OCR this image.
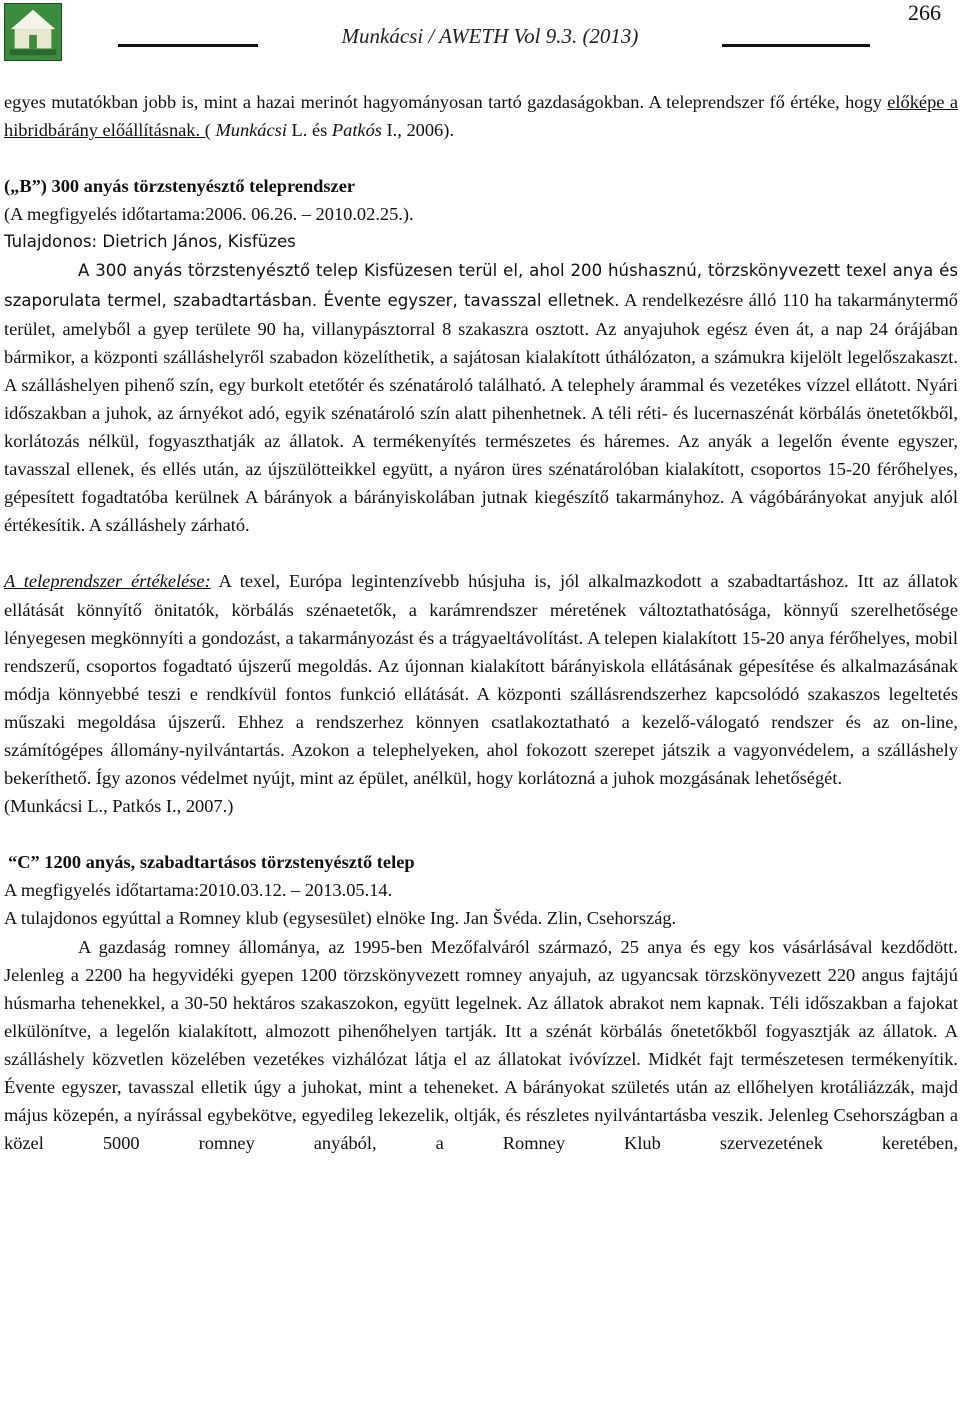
Munkácsi / AWETH Vol 9.3. (2013)
266

egyes mutatókban jobb is, mint a hazai merinót hagyományosan tartó gazdaságokban. A teleprendszer fő értéke, hogy előképe a hibridbárány előállításnak. ( Munkácsi L. és Patkós I., 2006).

(„B”) 300 anyás törzstenyésztő teleprendszer

(A megfigyelés időtartama:2006. 06.26. – 2010.02.25.).

Tulajdonos: Dietrich János, Kisfüzes

A 300 anyás törzstenyésztő telep Kisfüzesen terül el, ahol 200 húshasznú, törzskönyvezett texel anya és szaporulata termel, szabadtartásban. Évente egyszer, tavasszal elletnek. A rendelkezésre álló 110 ha takarmánytermő terület, amelyből a gyep területe 90 ha, villanypásztorral 8 szakaszra osztott. Az anyajuhok egész éven át, a nap 24 órájában bármikor, a központi szálláshelyről szabadon közelíthetik, a sajátosan kialakított úthálózaton, a számukra kijelölt legelőszakaszt. A szálláshelyen pihenő szín, egy burkolt etetőtér és szénatároló található. A telephely árammal és vezetékes vízzel ellátott. Nyári időszakban a juhok, az árnyékot adó, egyik szénatároló szín alatt pihenhetnek. A téli réti- és lucernaszénát körbálás önetetőkből, korlátozás nélkül, fogyaszthatják az állatok. A termékenyítés természetes és háremes. Az anyák a legelőn évente egyszer, tavasszal ellenek, és ellés után, az újszülötteikkel együtt, a nyáron üres szénatárolóban kialakított, csoportos 15-20 férőhelyes, gépesített fogadtatóba kerülnek A bárányok a bárányiskolában jutnak kiegészítő takarmányhoz. A vágóbárányokat anyjuk alól értékesítik. A szálláshely zárható.

A teleprendszer értékelése: A texel, Európa legintenzívebb húsjuha is, jól alkalmazkodott a szabadtartáshoz. Itt az állatok ellátását könnyítő önitatók, körbálás szénaetetők, a karámrendszer méretének változtathatósága, könnyű szerelhetősége lényegesen megkönnyíti a gondozást, a takarmányozást és a trágyaeltávolítást. A telepen kialakított 15-20 anya férőhelyes, mobil rendszerű, csoportos fogadtató újszerű megoldás. Az újonnan kialakított bárányiskola ellátásának gépesítése és alkalmazásának módja könnyebbé teszi e rendkívül fontos funkció ellátását. A központi szállásrendszerhez kapcsolódó szakaszos legeltetés műszaki megoldása újszerű. Ehhez a rendszerhez könnyen csatlakoztatható a kezelő-válogató rendszer és az on-line, számítógépes állomány-nyilvántartás. Azokon a telephelyeken, ahol fokozott szerepet játszik a vagyonvédelem, a szálláshely bekeríthető. Így azonos védelmet nyújt, mint az épület, anélkül, hogy korlátozná a juhok mozgásának lehetőségét.

(Munkácsi L., Patkós I., 2007.)

“C” 1200 anyás, szabadtartásos törzstenyésztő telep

A megfigyelés időtartama:2010.03.12. – 2013.05.14.

A tulajdonos egyúttal a Romney klub (egysesület) elnöke Ing. Jan Švéda. Zlin, Csehország.

A gazdaság romney állománya, az 1995-ben Mezőfalváról származó, 25 anya és egy kos vásárlásával kezdődött. Jelenleg a 2200 ha hegyvidéki gyepen 1200 törzskönyvezett romney anyajuh, az ugyancsak törzskönyvezett 220 angus fajtájú húsmarha tehenekkel, a 30-50 hektáros szakaszokon, együtt legelnek. Az állatok abrakot nem kapnak. Téli időszakban a fajokat elkülönítve, a legelőn kialakított, almozott pihenőhelyen tartják. Itt a szénát körbálás őnetetőkből fogyasztják az állatok. A szálláshely közvetlen közelében vezetékes vizhálózat látja el az állatokat ivóvízzel. Midkét fajt természetesen termékenyítik. Évente egyszer, tavasszal elletik úgy a juhokat, mint a teheneket. A bárányokat születés után az ellőhelyen krotáliázzák, majd május közepén, a nyírással egybekötve, egyedileg lekezelik, oltják, és részletes nyilvántartásba veszik. Jelenleg Csehországban a közel 5000 romney anyából, a Romney Klub szervezetének keretében,
